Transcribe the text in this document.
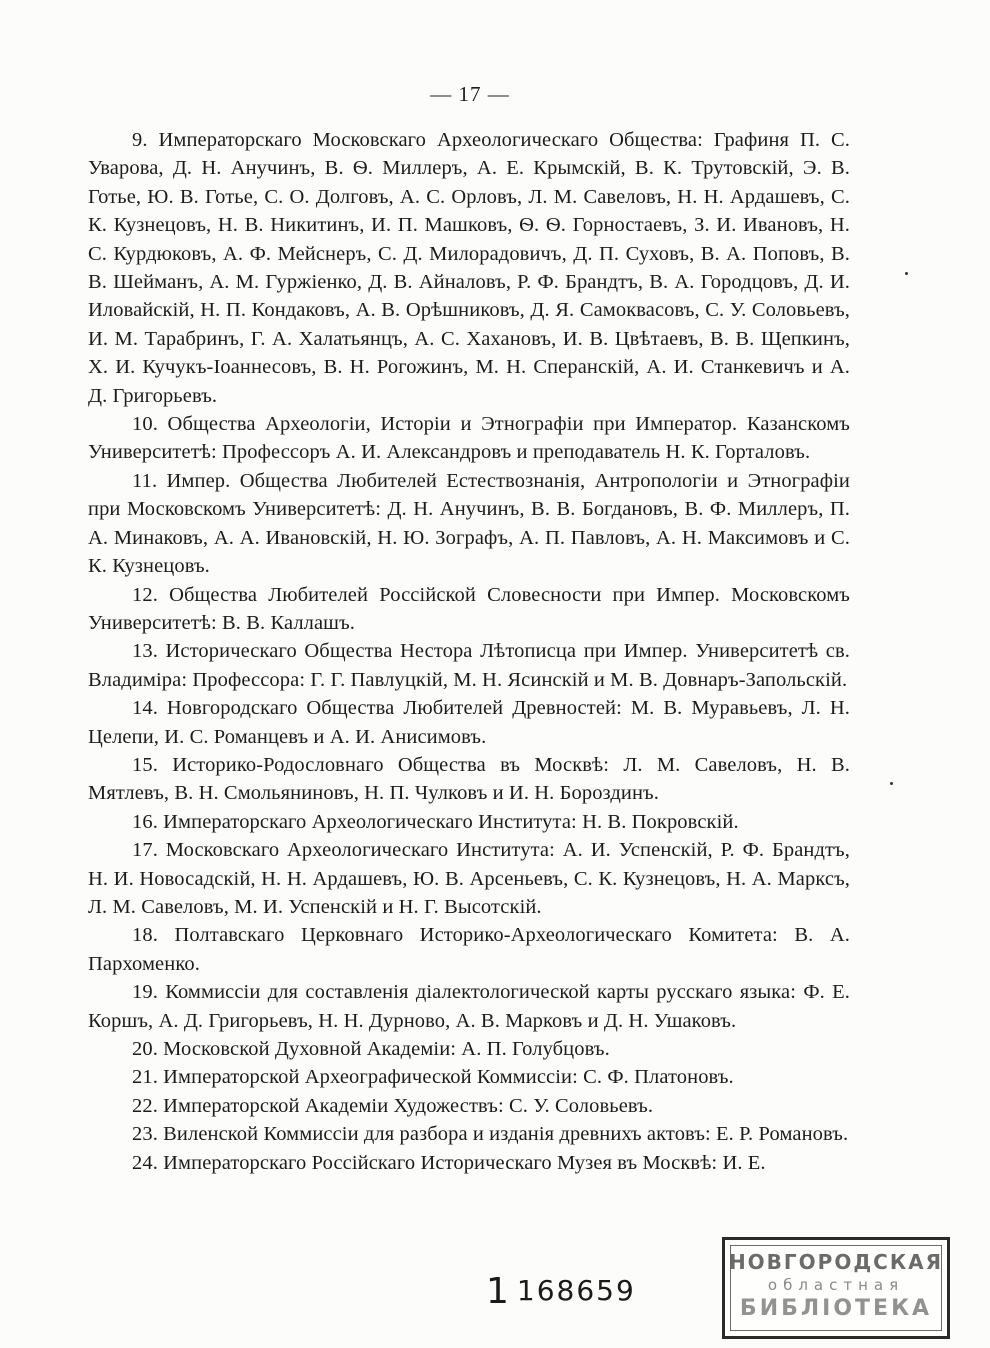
— 17 —

9. Императорскаго Московскаго Археологическаго Общества: Графиня П. С. Уварова, Д. Н. Анучинъ, В. Ѳ. Миллеръ, А. Е. Крымскій, В. К. Трутовскій, Э. В. Готье, Ю. В. Готье, С. О. Долговъ, А. С. Орловъ, Л. М. Савеловъ, Н. Н. Ардашевъ, С. К. Кузнецовъ, Н. В. Никитинъ, И. П. Машковъ, Ѳ. Ѳ. Горностаевъ, З. И. Ивановъ, Н. С. Курдюковъ, А. Ф. Мейснеръ, С. Д. Милорадовичъ, Д. П. Суховъ, В. А. Поповъ, В. В. Шейманъ, А. М. Гуржіенко, Д. В. Айналовъ, Р. Ф. Брандтъ, В. А. Городцовъ, Д. И. Иловайскій, Н. П. Кондаковъ, А. В. Орѣшниковъ, Д. Я. Самоквасовъ, С. У. Соловьевъ, И. М. Тарабринъ, Г. А. Халатьянцъ, А. С. Хахановъ, И. В. Цвѣтаевъ, В. В. Щепкинъ, Х. И. Кучукъ-Іоаннесовъ, В. Н. Рогожинъ, М. Н. Сперанскій, А. И. Станкевичъ и А. Д. Григорьевъ.

10. Общества Археологіи, Исторіи и Этнографіи при Император. Казанскомъ Университетѣ: Профессоръ А. И. Александровъ и преподаватель Н. К. Горталовъ.

11. Импер. Общества Любителей Естествознанія, Антропологіи и Этнографіи при Московскомъ Университетѣ: Д. Н. Анучинъ, В. В. Богдановъ, В. Ф. Миллеръ, П. А. Минаковъ, А. А. Ивановскій, Н. Ю. Зографъ, А. П. Павловъ, А. Н. Максимовъ и С. К. Кузнецовъ.

12. Общества Любителей Россійской Словесности при Импер. Московскомъ Университетѣ: В. В. Каллашъ.

13. Историческаго Общества Нестора Лѣтописца при Импер. Университетѣ св. Владиміра: Профессора: Г. Г. Павлуцкій, М. Н. Ясинскій и М. В. Довнаръ-Запольскій.

14. Новгородскаго Общества Любителей Древностей: М. В. Муравьевъ, Л. Н. Целепи, И. С. Романцевъ и А. И. Анисимовъ.

15. Историко-Родословнаго Общества въ Москвѣ: Л. М. Савеловъ, Н. В. Мятлевъ, В. Н. Смольяниновъ, Н. П. Чулковъ и И. Н. Бороздинъ.

16. Императорскаго Археологическаго Института: Н. В. Покровскій.

17. Московскаго Археологическаго Института: А. И. Успенскій, Р. Ф. Брандтъ, Н. И. Новосадскій, Н. Н. Ардашевъ, Ю. В. Арсеньевъ, С. К. Кузнецовъ, Н. А. Марксъ, Л. М. Савеловъ, М. И. Успенскій и Н. Г. Высотскій.

18. Полтавскаго Церковнаго Историко-Археологическаго Комитета: В. А. Пархоменко.

19. Коммиссіи для составленія діалектологической карты русскаго языка: Ф. Е. Коршъ, А. Д. Григорьевъ, Н. Н. Дурново, А. В. Марковъ и Д. Н. Ушаковъ.

20. Московской Духовной Академіи: А. П. Голубцовъ.

21. Императорской Археографической Коммиссіи: С. Ф. Платоновъ.

22. Императорской Академіи Художествъ: С. У. Соловьевъ.

23. Виленской Коммиссіи для разбора и изданія древнихъ актовъ: Е. Р. Романовъ.

24. Императорскаго Россійскаго Историческаго Музея въ Москвѣ: И. Е.

1 168659
НОВГОРОДСКАЯ
областная
БИБЛІОТЕКА
